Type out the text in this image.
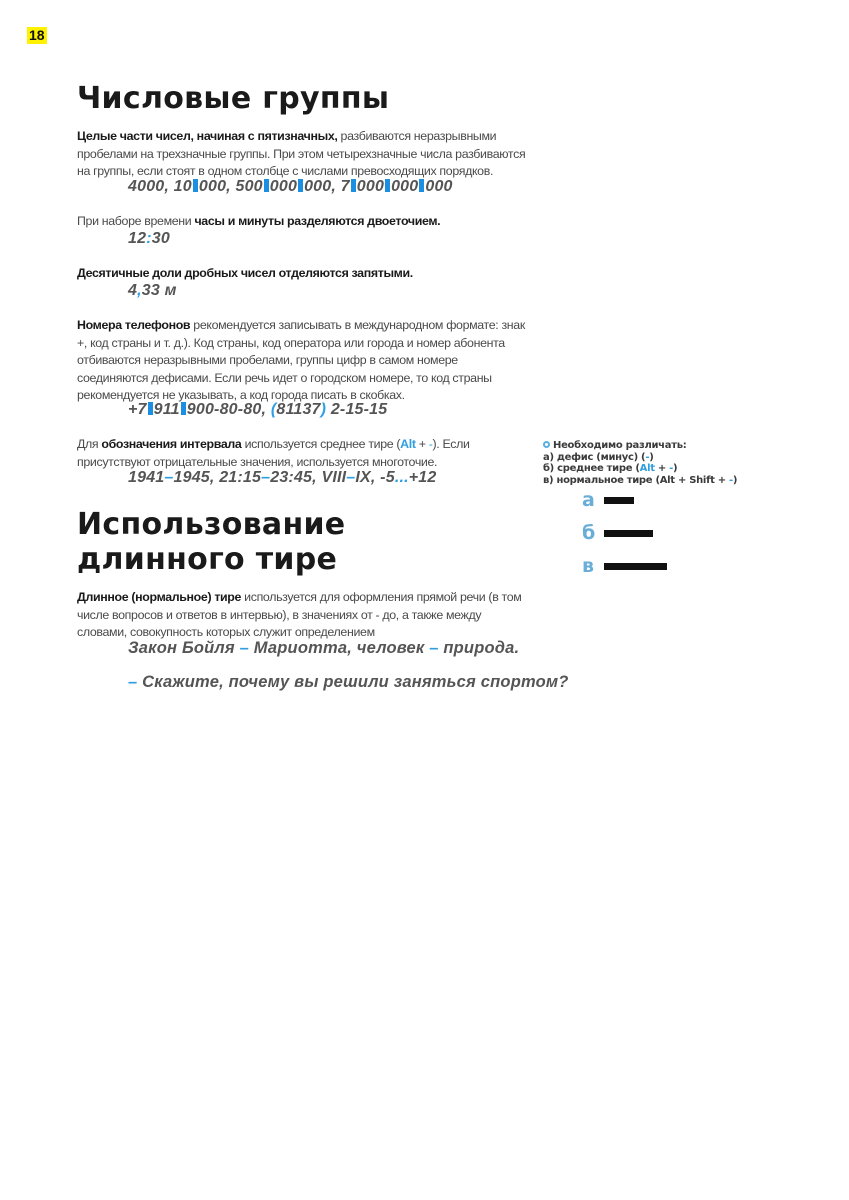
18
Числовые группы
Целые части чисел, начиная с пятизначных, разбиваются неразрывными пробелами на трехзначные группы. При этом четырехзначные числа разбиваются на группы, если стоят в одном столбце с числами превосходящих порядков.
4000, 10 000, 500 000 000, 7 000 000 000
При наборе времени часы и минуты разделяются двоеточием.
12:30
Десятичные доли дробных чисел отделяются запятыми.
4,33 м
Номера телефонов рекомендуется записывать в международном формате: знак +, код страны и т. д.). Код страны, код оператора или города и номер абонента отбиваются неразрывными пробелами, группы цифр в самом номере соединяются дефисами. Если речь идет о городском номере, то код страны рекомендуется не указывать, а код города писать в скобках.
+7 911 900-80-80, (81137) 2-15-15
Для обозначения интервала используется среднее тире (Alt + -). Если присутствуют отрицательные значения, используется многоточие.
1941–1945, 21:15–23:45, VIII–IX, -5...+12
Необходимо различать:
а) дефис (минус) (-)
б) среднее тире (Alt + -)
в) нормальное тире (Alt + Shift + -)
а
б
в
Использование
длинного тире
Длинное (нормальное) тире используется для оформления прямой речи (в том числе вопросов и ответов в интервью), в значениях от - до, а также между словами, совокупность которых служит определением
Закон Бойля – Мариотта, человек – природа.
– Скажите, почему вы решили заняться спортом?
